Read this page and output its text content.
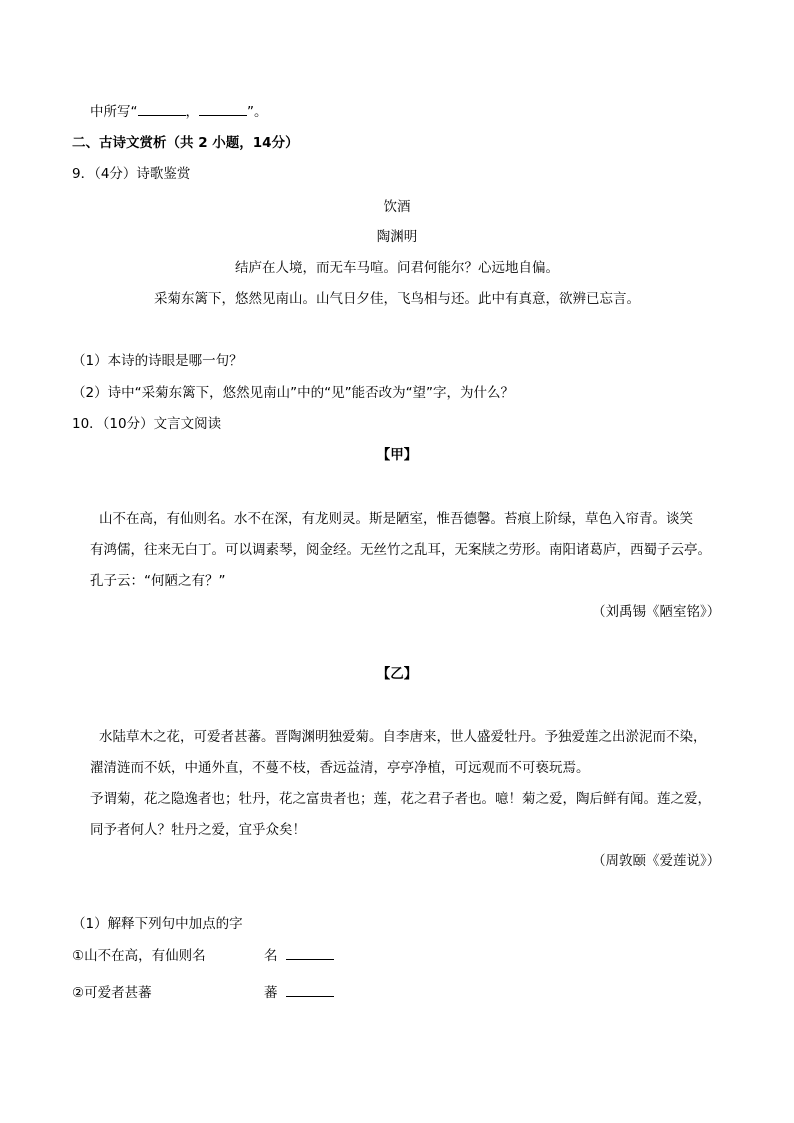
中所写“	，	”。
二、古诗文赏析（共 2 小题，14分）
9．（4分）诗歌鉴赏
饮酒
陶渊明
结庐在人境，而无车马喧。问君何能尔？心远地自偏。
采菊东篱下，悠然见南山。山气日夕佳，飞鸟相与还。此中有真意，欲辨已忘言。
（1）本诗的诗眼是哪一句？
（2）诗中“采菊东篱下，悠然见南山”中的“见”能否改为“望”字，为什么？
10．（10分）文言文阅读
【甲】
山不在高，有仙则名。水不在深，有龙则灵。斯是陋室，惟吾德馨。苔痕上阶绿，草色入帘青。谈笑
有鸿儒，往来无白丁。可以调素琴，阅金经。无丝竹之乱耳，无案牍之劳形。南阳诸葛庐，西蜀子云亭。
孔子云：“何陋之有？”
（刘禹锡《陋室铭》）
【乙】
水陆草木之花，可爱者甚蕃。晋陶渊明独爱菊。自李唐来，世人盛爱牡丹。予独爱莲之出淤泥而不染，
濯清涟而不妖，中通外直，不蔓不枝，香远益清，亭亭净植，可远观而不可亵玩焉。
予谓菊，花之隐逸者也；牡丹，花之富贵者也；莲，花之君子者也。噫！菊之爱，陶后鲜有闻。莲之爱，
同予者何人？牡丹之爱，宜乎众矣！
（周敦颐《爱莲说》）
（1）解释下列句中加点的字
①山不在高，有仙则名	名
②可爱者甚蕃	蕃
